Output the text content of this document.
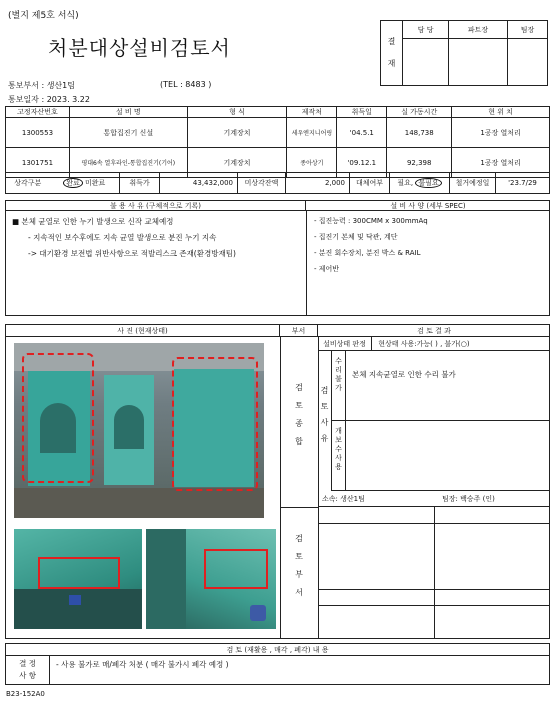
(별지 제5호 서식)
처분대상설비검토서
통보부서 : 생산1팀	(TEL : 8483 )
통보일자 : 2023. 3.22
결
재	담 당	파트장	팀장

고정자산번호	설 비 명	형 식	제작처	취득일	실 가동시간	현 위 치
1300553	통합집진기 신설	기계장치	세우엔지니어링	'04.5.1	148,738	1공장 열처리
1301751	평대6속 열후라인-통합집진기(기어)	기계장치	종아상기	'09.12.1	92,398	1공장 열처리
상각구분	완료 미완료	취득가	43,432,000	미상각잔액	2,000	대체여부	필요, 불필요	철거예정일	'23.7/29
불 용 사 유 (구체적으로 기록)	설 비 사 양 (세부 SPEC)
■ 본체 균열로 인한 누기 발생으로 신작 교체예정
- 지속적인 보수후에도 지속 균열 발생으로 분진 누기 지속
-> 대기환경 보전법 위반사항으로 적발리스크 존재(환경방재팀)
- 집진능력 : 300CMM x 300mmAq
- 집진기 본체 및 닥관, 계단
- 분진 회수장치, 분진 박스 & RAIL
- 제어반
사 진 (현재상태)	부서	검 토 결 과
검
토
종
합
설비상태 판정 현상태 사용:가능( ) , 불가(○)
검
토
사
유
수리불가
본체 지속균열로 인한 수리 불가
개보수사용
소속: 생산1팀	팀장: 백승주 (인)
검
토
부
서
검 토 (재활용 , 매각 , 폐각) 내 용
결 정
사 항
- 사용 불가로 매/폐각 처분 ( 매각 불가시 폐각 예정 )
B23-152A0
